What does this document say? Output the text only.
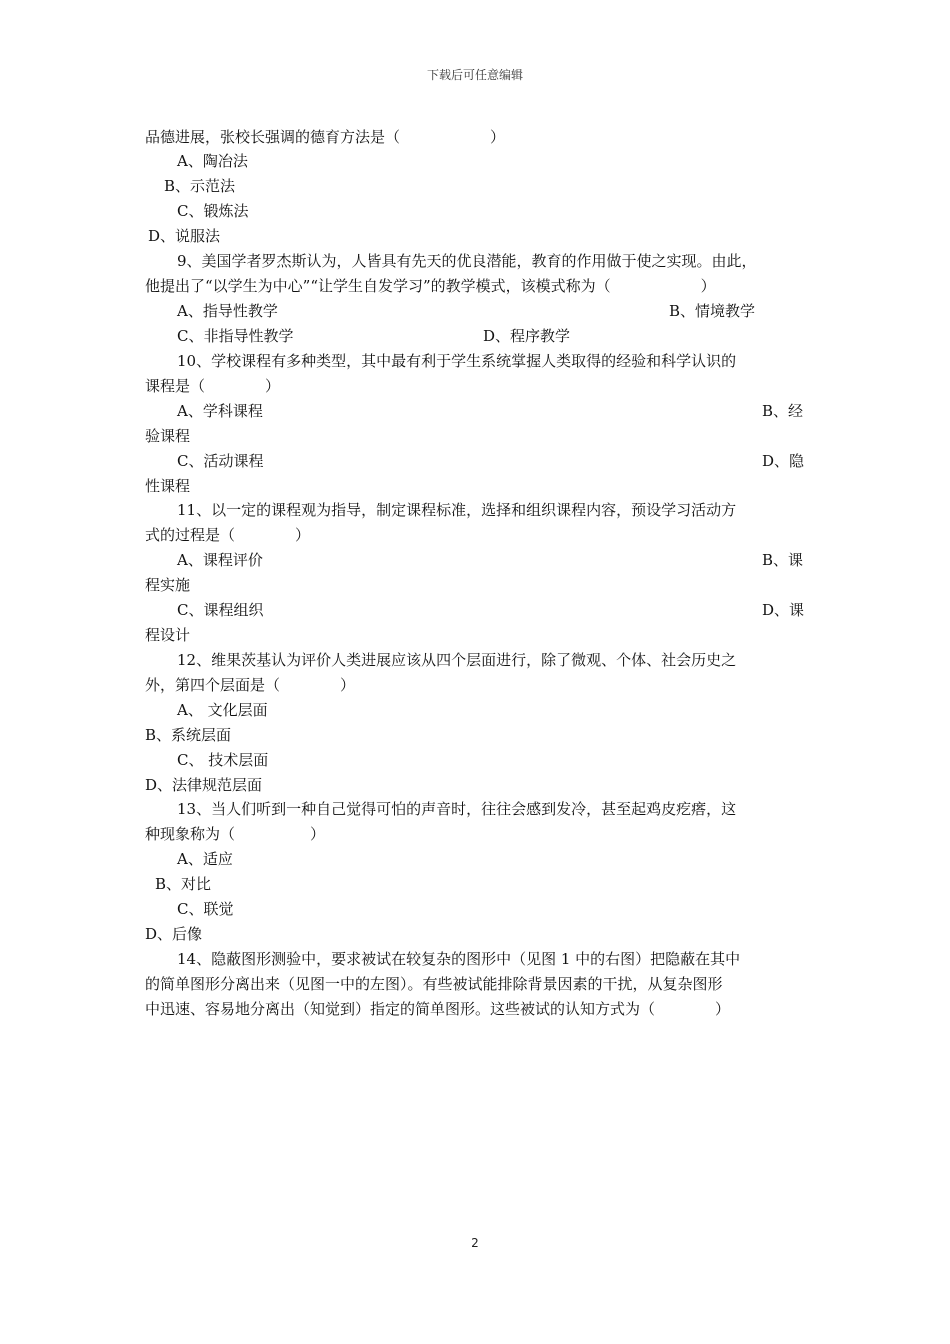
下载后可任意编辑
品德进展，张校长强调的德育方法是（　　　　　　）
A、陶冶法
B、示范法
C、锻炼法
D、说服法
9、美国学者罗杰斯认为，人皆具有先天的优良潜能，教育的作用做于使之实现。由此，
他提出了“以学生为中心”“让学生自发学习”的教学模式，该模式称为（　　　　　　）
A、指导性教学	B、情境教学
C、非指导性教学	D、程序教学
10、学校课程有多种类型，其中最有利于学生系统掌握人类取得的经验和科学认识的
课程是（　　　　）
A、学科课程	B、经
验课程
C、活动课程	D、隐
性课程
11、以一定的课程观为指导，制定课程标准，选择和组织课程内容，预设学习活动方
式的过程是（　　　　）
A、课程评价	B、课
程实施
C、课程组织	D、课
程设计
12、维果茨基认为评价人类进展应该从四个层面进行，除了微观、个体、社会历史之
外，第四个层面是（　　　　）
A、 文化层面
B、系统层面
C、 技术层面
D、法律规范层面
13、当人们听到一种自己觉得可怕的声音时，往往会感到发冷，甚至起鸡皮疙瘩，这
种现象称为（　　　　　）
A、适应
B、对比
C、联觉
D、后像
14、隐蔽图形测验中，要求被试在较复杂的图形中（见图 1 中的右图）把隐蔽在其中
的简单图形分离出来（见图一中的左图）。有些被试能排除背景因素的干扰，从复杂图形
中迅速、容易地分离出（知觉到）指定的简单图形。这些被试的认知方式为（　　　　）
2
